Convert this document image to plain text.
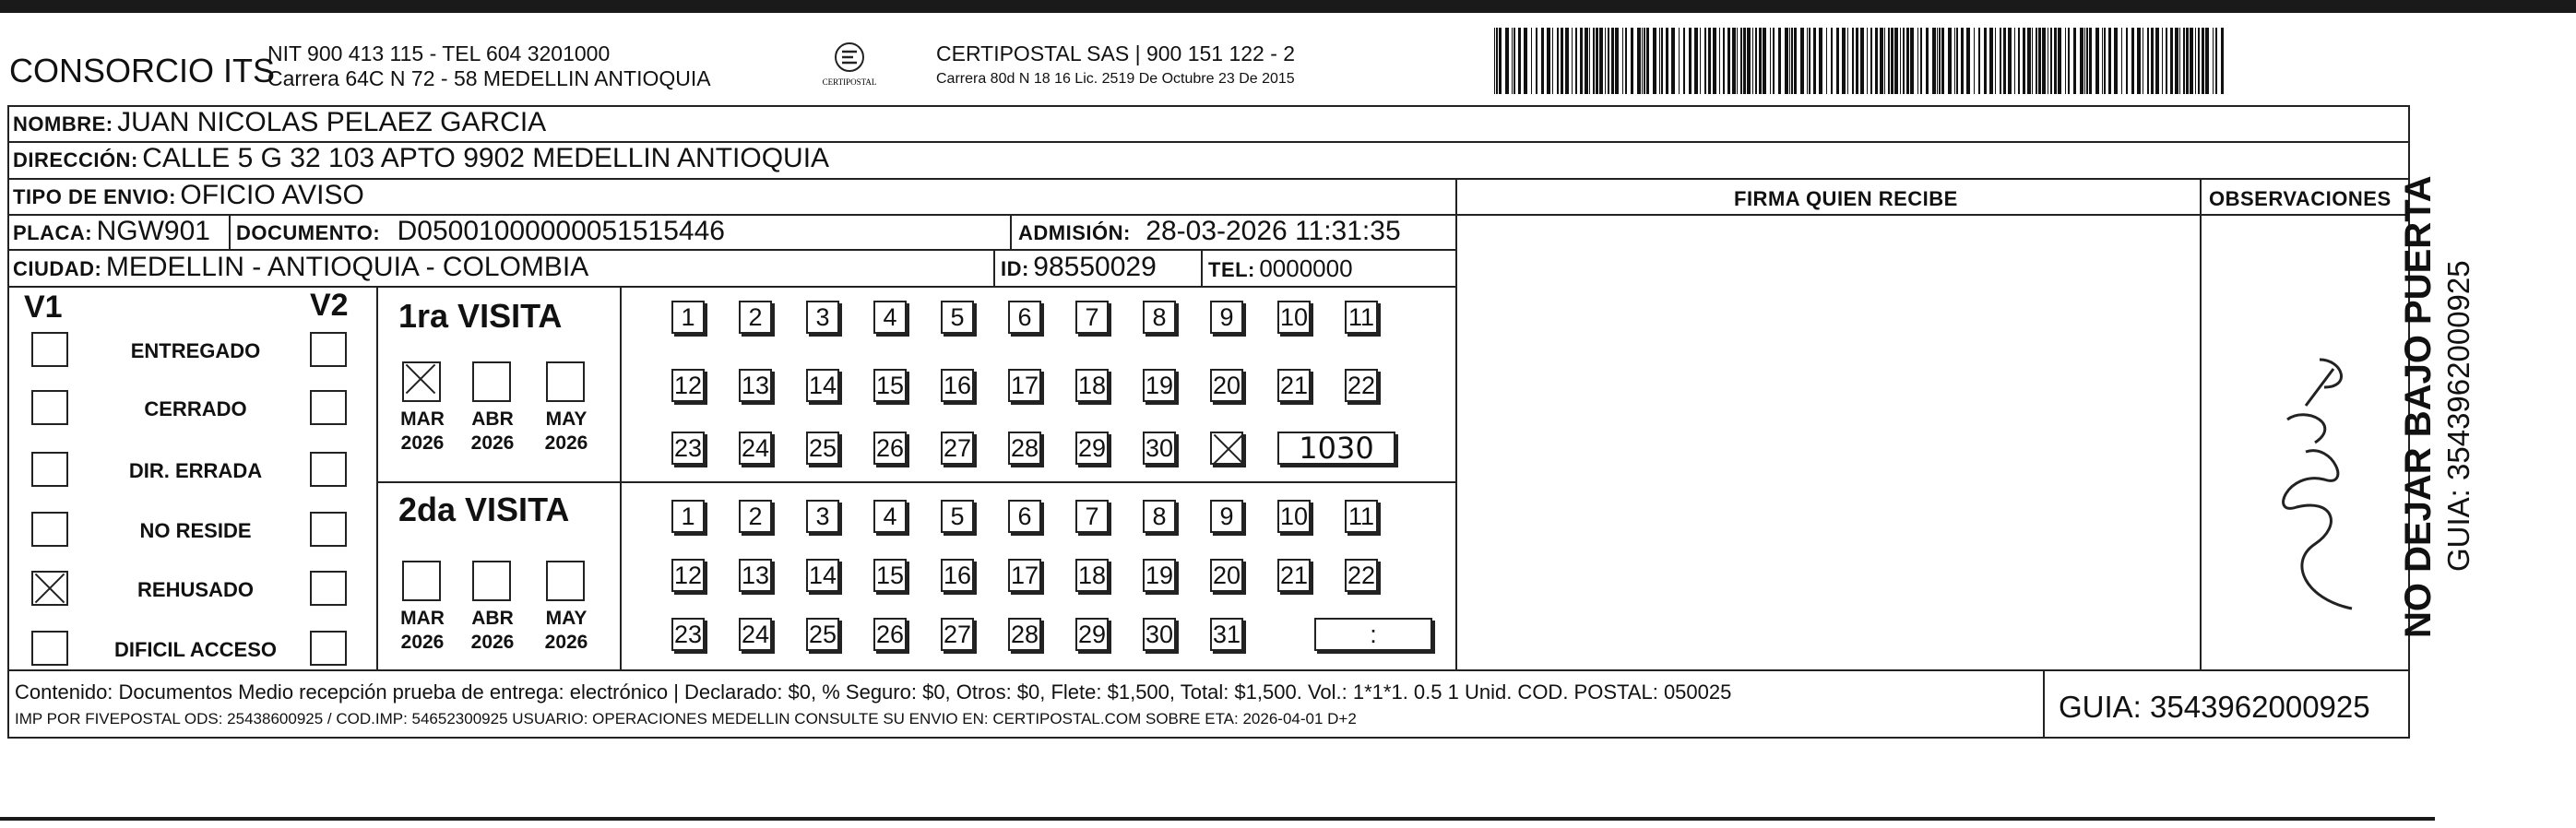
CONSORCIO ITS
NIT 900 413 115 - TEL 604 3201000
Carrera 64C N 72 - 58 MEDELLIN ANTIOQUIA	CERTIPOSTAL
CERTIPOSTAL SAS | 900 151 122 - 2
Carrera 80d N 18 16 Lic. 2519 De Octubre 23 De 2015
NOMBRE: JUAN NICOLAS PELAEZ GARCIA
DIRECCIÓN: CALLE 5 G 32 103 APTO 9902 MEDELLIN ANTIOQUIA
TIPO DE ENVIO: OFICIO AVISO	FIRMA QUIEN RECIBE	OBSERVACIONES
PLACA: NGW901 DOCUMENTO: D05001000000051515446	ADMISIÓN: 28-03-2026 11:31:35
CIUDAD: MEDELLIN - ANTIOQUIA - COLOMBIA	ID: 98550029	TEL: 0000000
V1	V2
ENTREGADO
CERRADO
DIR. ERRADA
NO RESIDE
REHUSADO
DIFICIL ACCESO
1ra VISITA
2da VISITA
MAR
2026
ABR
2026
MAY
2026
MAR
2026
ABR
2026
MAY
2026
1	2	3	4	5	6	7	8	9	10 11
12 13 14 15 16 17 18 19 20 21 22
23 24 25 26 27 28 29 30	1030
1	2	3	4	5	6	7	8	9	10 11
12 13 14 15 16 17 18 19 20 21 22
23 24 25 26 27 28 29 30 31	:
Contenido: Documentos Medio recepción prueba de entrega: electrónico | Declarado: $0, % Seguro: $0, Otros: $0, Flete: $1,500, Total: $1,500. Vol.: 1*1*1. 0.5 1 Unid. COD. POSTAL: 050025
IMP POR FIVEPOSTAL ODS: 25438600925 / COD.IMP: 54652300925 USUARIO: OPERACIONES MEDELLIN CONSULTE SU ENVIO EN: CERTIPOSTAL.COM SOBRE ETA: 2026-04-01 D+2	GUIA: 3543962000925
NO DEJAR BAJO PUERTA GUIA: 3543962000925
